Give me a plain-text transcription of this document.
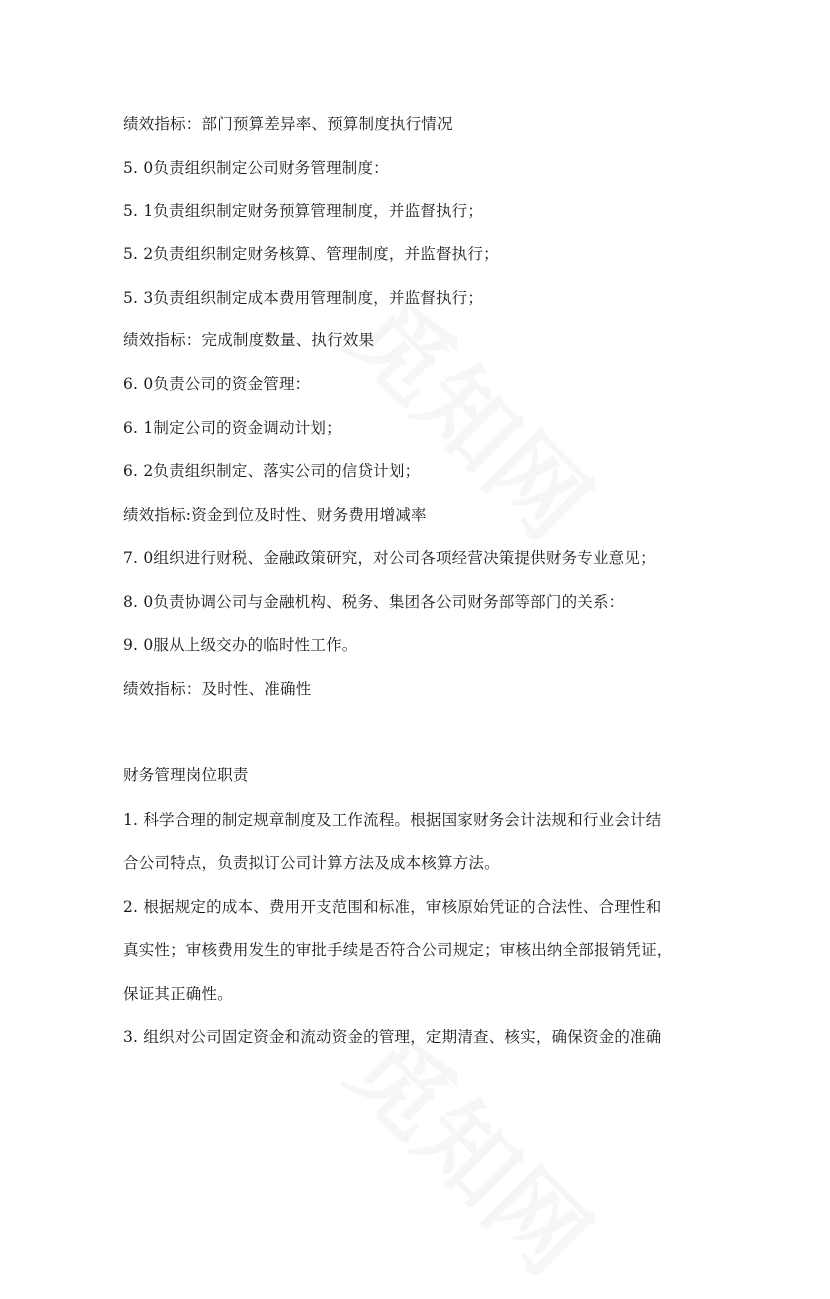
绩效指标：部门预算差异率、预算制度执行情况
5. 0负责组织制定公司财务管理制度：
5. 1负责组织制定财务预算管理制度，并监督执行；
5. 2负责组织制定财务核算、管理制度，并监督执行；
5. 3负责组织制定成本费用管理制度，并监督执行；
绩效指标：完成制度数量、执行效果
6. 0负责公司的资金管理：
6. 1制定公司的资金调动计划；
6. 2负责组织制定、落实公司的信贷计划；
绩效指标:资金到位及时性、财务费用增减率
7. 0组织进行财税、金融政策研究，对公司各项经营决策提供财务专业意见；
8. 0负责协调公司与金融机构、税务、集团各公司财务部等部门的关系：
9. 0服从上级交办的临时性工作。
绩效指标：及时性、准确性
财务管理岗位职责
1. 科学合理的制定规章制度及工作流程。根据国家财务会计法规和行业会计结
合公司特点，负责拟订公司计算方法及成本核算方法。
2. 根据规定的成本、费用开支范围和标准，审核原始凭证的合法性、合理性和
真实性；审核费用发生的审批手续是否符合公司规定；审核出纳全部报销凭证，
保证其正确性。
3. 组织对公司固定资金和流动资金的管理，定期清查、核实，确保资金的准确
